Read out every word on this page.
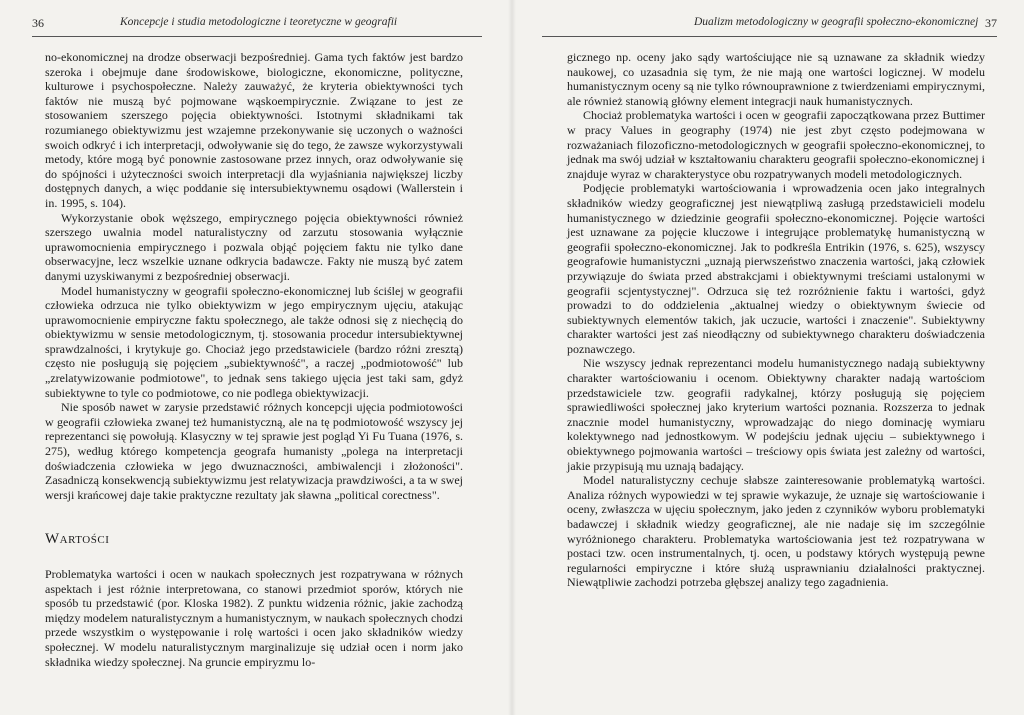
36	Koncepcje i studia metodologiczne i teoretyczne w geografii

no-ekonomicznej na drodze obserwacji bezpośredniej. Gama tych faktów jest bardzo szeroka i obejmuje dane środowiskowe, biologiczne, ekonomiczne, polityczne, kulturowe i psychospołeczne. Należy zauważyć, że kryteria obiektywności tych faktów nie muszą być pojmowane wąskoempirycznie. Związane to jest ze stosowaniem szerszego pojęcia obiektywności. Istotnymi składnikami tak rozumianego obiektywizmu jest wzajemne przekonywanie się uczonych o ważności swoich odkryć i ich interpretacji, odwoływanie się do tego, że zawsze wykorzystywali metody, które mogą być ponownie zastosowane przez innych, oraz odwoływanie się do spójności i użyteczności swoich interpretacji dla wyjaśniania największej liczby dostępnych danych, a więc poddanie się intersubiektywnemu osądowi (Wallerstein i in. 1995, s. 104).

Wykorzystanie obok węższego, empirycznego pojęcia obiektywności również szerszego uwalnia model naturalistyczny od zarzutu stosowania wyłącznie uprawomocnienia empirycznego i pozwala objąć pojęciem faktu nie tylko dane obserwacyjne, lecz wszelkie uznane odkrycia badawcze. Fakty nie muszą być zatem danymi uzyskiwanymi z bezpośredniej obserwacji.

Model humanistyczny w geografii społeczno-ekonomicznej lub ściślej w geografii człowieka odrzuca nie tylko obiektywizm w jego empirycznym ujęciu, atakując uprawomocnienie empiryczne faktu społecznego, ale także odnosi się z niechęcią do obiektywizmu w sensie metodologicznym, tj. stosowania procedur intersubiektywnej sprawdzalności, i krytykuje go. Chociaż jego przedstawiciele (bardzo różni zresztą) często nie posługują się pojęciem „subiektywność", a raczej „podmiotowość" lub „zrelatywizowanie podmiotowe", to jednak sens takiego ujęcia jest taki sam, gdyż subiektywne to tyle co podmiotowe, co nie podlega obiektywizacji.

Nie sposób nawet w zarysie przedstawić różnych koncepcji ujęcia podmiotowości w geografii człowieka zwanej też humanistyczną, ale na tę podmiotowość wszyscy jej reprezentanci się powołują. Klasyczny w tej sprawie jest pogląd Yi Fu Tuana (1976, s. 275), według którego kompetencja geografa humanisty „polega na interpretacji doświadczenia człowieka w jego dwuznaczności, ambiwalencji i złożoności". Zasadniczą konsekwencją subiektywizmu jest relatywizacja prawdziwości, a ta w swej wersji krańcowej daje takie praktyczne rezultaty jak sławna „political corectness".

Wartości

Problematyka wartości i ocen w naukach społecznych jest rozpatrywana w różnych aspektach i jest różnie interpretowana, co stanowi przedmiot sporów, których nie sposób tu przedstawić (por. Kloska 1982). Z punktu widzenia różnic, jakie zachodzą między modelem naturalistycznym a humanistycznym, w naukach społecznych chodzi przede wszystkim o występowanie i rolę wartości i ocen jako składników wiedzy społecznej. W modelu naturalistycznym marginalizuje się udział ocen i norm jako składnika wiedzy społecznej. Na gruncie empiryzmu lo-

Dualizm metodologiczny w geografii społeczno-ekonomicznej 37

gicznego np. oceny jako sądy wartościujące nie są uznawane za składnik wiedzy naukowej, co uzasadnia się tym, że nie mają one wartości logicznej. W modelu humanistycznym oceny są nie tylko równouprawnione z twierdzeniami empirycznymi, ale również stanowią główny element integracji nauk humanistycznych.

Chociaż problematyka wartości i ocen w geografii zapoczątkowana przez Buttimer w pracy Values in geography (1974) nie jest zbyt często podejmowana w rozważaniach filozoficzno-metodologicznych w geografii społeczno-ekonomicznej, to jednak ma swój udział w kształtowaniu charakteru geografii społeczno-ekonomicznej i znajduje wyraz w charakterystyce obu rozpatrywanych modeli metodologicznych.

Podjęcie problematyki wartościowania i wprowadzenia ocen jako integralnych składników wiedzy geograficznej jest niewątpliwą zasługą przedstawicieli modelu humanistycznego w dziedzinie geografii społeczno-ekonomicznej. Pojęcie wartości jest uznawane za pojęcie kluczowe i integrujące problematykę humanistyczną w geografii społeczno-ekonomicznej. Jak to podkreśla Entrikin (1976, s. 625), wszyscy geografowie humanistyczni „uznają pierwszeństwo znaczenia wartości, jaką człowiek przywiązuje do świata przed abstrakcjami i obiektywnymi treściami ustalonymi w geografii scjentystycznej". Odrzuca się też rozróżnienie faktu i wartości, gdyż prowadzi to do oddzielenia „aktualnej wiedzy o obiektywnym świecie od subiektywnych elementów takich, jak uczucie, wartości i znaczenie". Subiektywny charakter wartości jest zaś nieodłączny od subiektywnego charakteru doświadczenia poznawczego.

Nie wszyscy jednak reprezentanci modelu humanistycznego nadają subiektywny charakter wartościowaniu i ocenom. Obiektywny charakter nadają wartościom przedstawiciele tzw. geografii radykalnej, którzy posługują się pojęciem sprawiedliwości społecznej jako kryterium wartości poznania. Rozszerza to jednak znacznie model humanistyczny, wprowadzając do niego dominację wymiaru kolektywnego nad jednostkowym. W podejściu jednak ujęciu – subiektywnego i obiektywnego pojmowania wartości – treściowy opis świata jest zależny od wartości, jakie przypisują mu uznają badający.

Model naturalistyczny cechuje słabsze zainteresowanie problematyką wartości. Analiza różnych wypowiedzi w tej sprawie wykazuje, że uznaje się wartościowanie i oceny, zwłaszcza w ujęciu społecznym, jako jeden z czynników wyboru problematyki badawczej i składnik wiedzy geograficznej, ale nie nadaje się im szczególnie wyróżnionego charakteru. Problematyka wartościowania jest też rozpatrywana w postaci tzw. ocen instrumentalnych, tj. ocen, u podstawy których występują pewne regularności empiryczne i które służą usprawnianiu działalności praktycznej. Niewątpliwie zachodzi potrzeba głębszej analizy tego zagadnienia.
